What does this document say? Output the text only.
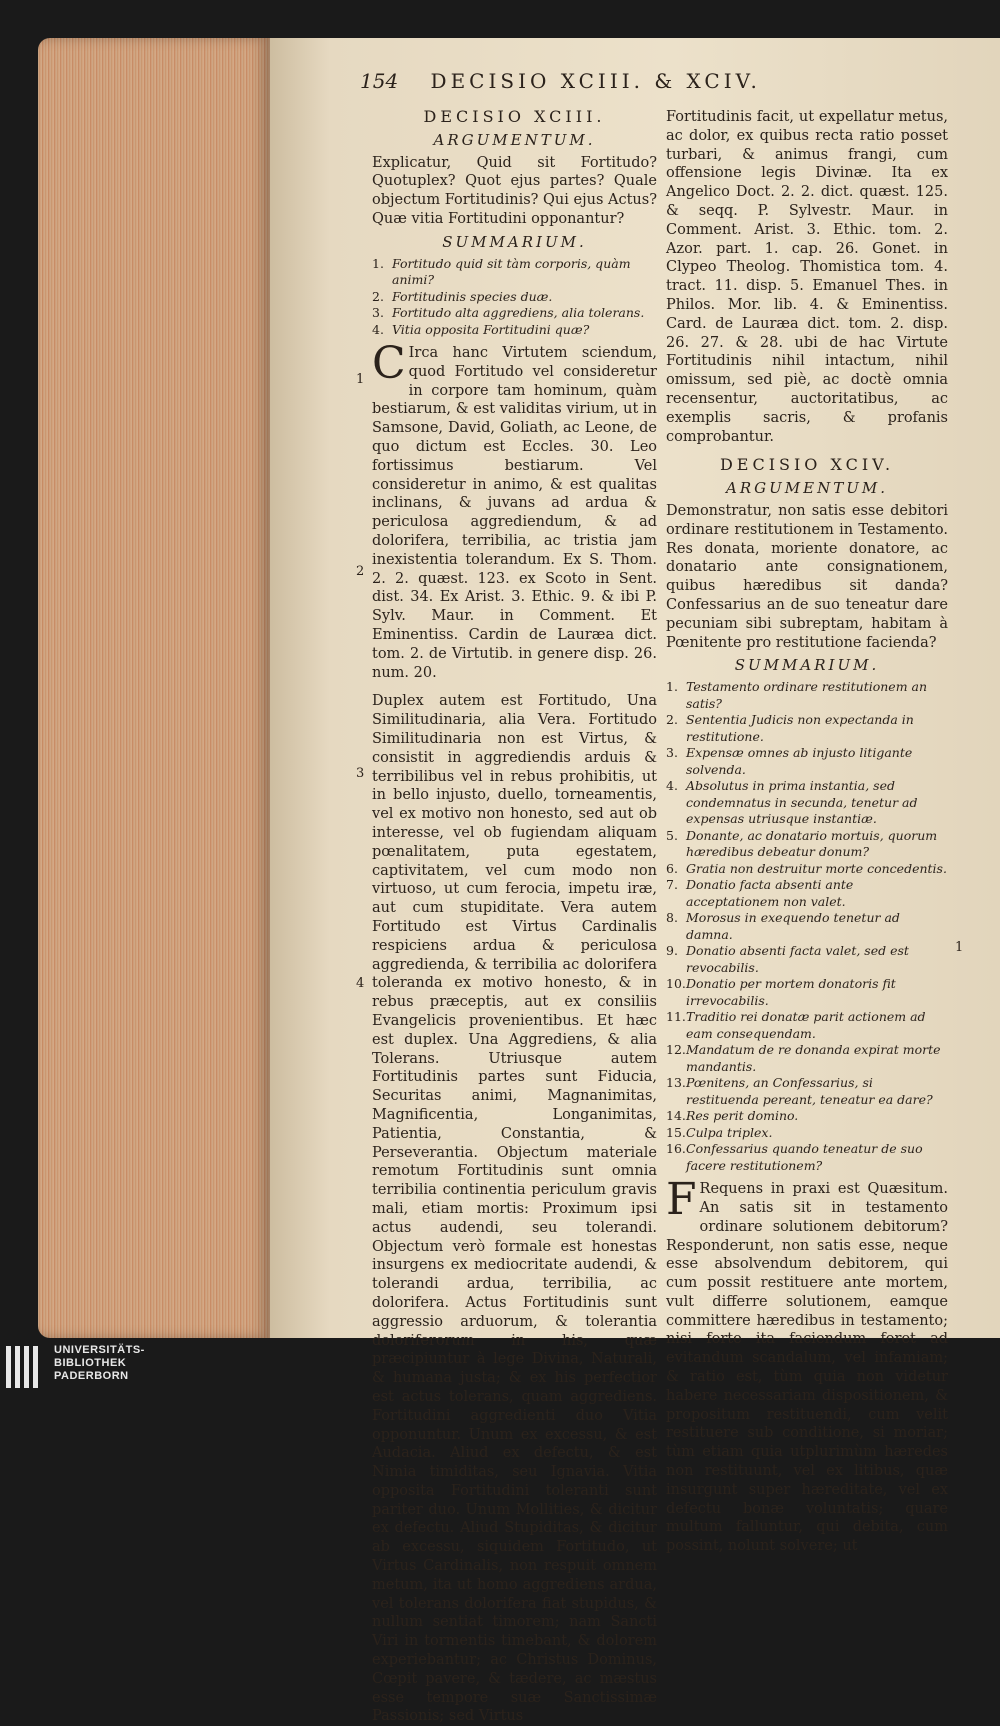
154 DECISIO XCIII. & XCIV.
DECISIO XCIII.
ARGUMENTUM.

Explicatur, Quid sit Fortitudo? Quotuplex? Quot ejus partes? Quale objectum Fortitudinis? Qui ejus Actus? Quæ vitia Fortitudini opponantur?

SUMMARIUM.
1. Fortitudo quid sit tàm corporis, quàm animi?
2. Fortitudinis species duæ.
3. Fortitudo alta aggrediens, alia tolerans.
4. Vitia opposita Fortitudini quæ?

C Irca hanc Virtutem sciendum, quod Fortitudo vel consideretur in corpore tam hominum, quàm bestiarum, & est validitas virium, ut in Samsone, David, Goliath, ac Leone, de quo dictum est Eccles. 30. Leo fortissimus bestiarum. Vel consideretur in animo, & est qualitas inclinans, & juvans ad ardua & periculosa aggrediendum, & ad dolorifera, terribilia, ac tristia jam inexistentia tolerandum. Ex S. Thom. 2. 2. quæst. 123. ex Scoto in Sent. dist. 34. Ex Arist. 3. Ethic. 9. & ibi P. Sylv. Maur. in Comment. Et Eminentiss. Cardin de Lauræa dict. tom. 2. de Virtutib. in genere disp. 26. num. 20.

Duplex autem est Fortitudo, Una Similitudinaria, alia Vera. Fortitudo Similitudinaria non est Virtus, & consistit in aggrediendis arduis & terribilibus vel in rebus prohibitis, ut in bello injusto, duello, torneamentis, vel ex motivo non honesto, sed aut ob interesse, vel ob fugiendam aliquam pœnalitatem, puta egestatem, captivitatem, vel cum modo non virtuoso, ut cum ferocia, impetu iræ, aut cum stupiditate. Vera autem Fortitudo est Virtus Cardinalis respiciens ardua & periculosa aggredienda, & terribilia ac dolorifera toleranda ex motivo honesto, & in rebus præceptis, aut ex consiliis Evangelicis provenientibus. Et hæc est duplex. Una Aggrediens, & alia Tolerans. Utriusque autem Fortitudinis partes sunt Fiducia, Securitas animi, Magnanimitas, Magnificentia, Longanimitas, Patientia, Constantia, & Perseverantia. Objectum materiale remotum Fortitudinis sunt omnia terribilia continentia periculum gravis mali, etiam mortis: Proximum ipsi actus audendi, seu tolerandi. Objectum verò formale est honestas insurgens ex mediocritate audendi, & tolerandi ardua, terribilia, ac dolorifera. Actus Fortitudinis sunt aggressio arduorum, & tolerantia doloriferorum in his, quæ præcipiuntur à lege Divina, Naturali, & humana justa; & ex his perfectior est actus tolerans, quam aggrediens. Fortitudini aggredienti duo Vitia opponuntur. Unum ex excessu, & est Audacia. Aliud ex defectu, & est Nimia timiditas, seu Ignavia. Vitia opposita Fortitudini toleranti sunt pariter duo. Unum Mollities, & dicitur ex defectu. Aliud Stupiditas, & dicitur ab excessu, siquidem Fortitudo, ut Virtus Cardinalis, non respuit omnem metum, ita ut homo aggrediens ardua, vel tolerans dolorifera fiat stupidus, & nullum sentiat timorem; nam Sancti Viri in tormentis timebant, & dolorem experiebantur; ac Christus Dominus, Cœpit pavere, & tædere, ac mæstus esse tempore suæ Sanctissimæ Passionis; sed Virtus

1
2
3
4

Fortitudinis facit, ut expellatur metus, ac dolor, ex quibus recta ratio posset turbari, & animus frangi, cum offensione legis Divinæ. Ita ex Angelico Doct. 2. 2. dict. quæst. 125. & seqq. P. Sylvestr. Maur. in Comment. Arist. 3. Ethic. tom. 2. Azor. part. 1. cap. 26. Gonet. in Clypeo Theolog. Thomistica tom. 4. tract. 11. disp. 5. Emanuel Thes. in Philos. Mor. lib. 4. & Eminentiss. Card. de Lauræa dict. tom. 2. disp. 26. 27. & 28. ubi de hac Virtute Fortitudinis nihil intactum, nihil omissum, sed piè, ac doctè omnia recensentur, auctoritatibus, ac exemplis sacris, & profanis comprobantur.

DECISIO XCIV.
ARGUMENTUM.

Demonstratur, non satis esse debitori ordinare restitutionem in Testamento. Res donata, moriente donatore, ac donatario ante consignationem, quibus hæredibus sit danda? Confessarius an de suo teneatur dare pecuniam sibi subreptam, habitam à Pœnitente pro restitutione facienda?

SUMMARIUM.
1. Testamento ordinare restitutionem an satis?
2. Sententia Judicis non expectanda in restitutione.
3. Expensæ omnes ab injusto litigante solvenda.
4. Absolutus in prima instantia, sed condemnatus in secunda, tenetur ad expensas utriusque instantiæ.
5. Donante, ac donatario mortuis, quorum hæredibus debeatur donum?
6. Gratia non destruitur morte concedentis.
7. Donatio facta absenti ante acceptationem non valet.
8. Morosus in exequendo tenetur ad damna.
9. Donatio absenti facta valet, sed est revocabilis.
10.Donatio per mortem donatoris fit irrevocabilis.
11.Traditio rei donatæ parit actionem ad eam consequendam.
12.Mandatum de re donanda expirat morte mandantis.
13.Pœnitens, an Confessarius, si restituenda pereant, teneatur ea dare?
14.Res perit domino.
15.Culpa triplex.
16.Confessarius quando teneatur de suo facere restitutionem?

F Requens in praxi est Quæsitum. An satis sit in testamento ordinare solutionem debitorum? Responderunt, non satis esse, neque esse absolvendum debitorem, qui cum possit restituere ante mortem, vult differre solutionem, eamque committere hæredibus in testamento; nisi forte ita faciendum foret ad evitandum scandalum, vel infamiam; & ratio est, tùm quia non videtur habere necessariam dispositionem, & propositum restituendi, cum velit restituere sub conditione, si moriar; tùm etiam quia utplurimùm hæredes non restituunt, vel ex litibus, quæ insurgunt super hæreditate, vel ex defectu bonæ voluntatis; quare multum falluntur, qui debita, cum possint, nolunt solvere; ut

1
UNIVERSITÄTS-
BIBLIOTHEK
PADERBORN
